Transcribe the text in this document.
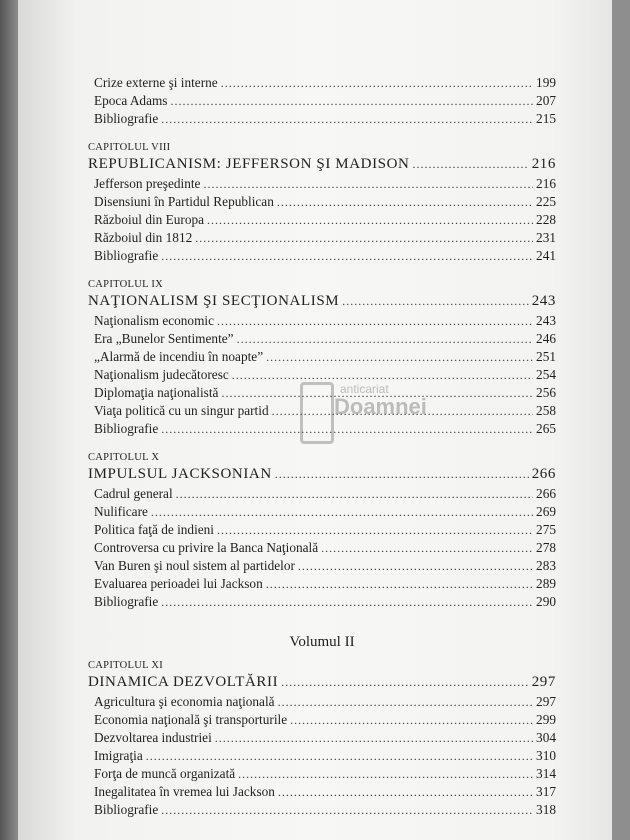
Crize externe şi interne .....	199
Epoca Adams .....	207
Bibliografie .....	215
CAPITOLUL VIII
REPUBLICANISM: JEFFERSON ŞI MADISON .....	216
Jefferson preşedinte .....	216
Disensiuni în Partidul Republican .....	225
Războiul din Europa .....	228
Războiul din 1812 .....	231
Bibliografie .....	241
CAPITOLUL IX
NAŢIONALISM ŞI SECŢIONALISM .....	243
Naţionalism economic .....	243
Era „Bunelor Sentimente” .....	246
„Alarmă de incendiu în noapte” .....	251
Naţionalism judecătoresc .....	254
Diplomaţia naţionalistă .....	256
Viaţa politică cu un singur partid .....	258
Bibliografie .....	265
CAPITOLUL X
IMPULSUL JACKSONIAN .....	266
Cadrul general .....	266
Nulificare .....	269
Politica faţă de indieni .....	275
Controversa cu privire la Banca Naţională .....	278
Van Buren şi noul sistem al partidelor .....	283
Evaluarea perioadei lui Jackson .....	289
Bibliografie .....	290
Volumul II
CAPITOLUL XI
DINAMICA DEZVOLTĂRII .....	297
Agricultura şi economia naţională .....	297
Economia naţională şi transporturile .....	299
Dezvoltarea industriei .....	304
Imigraţia .....	310
Forţa de muncă organizată .....	314
Inegalitatea în vremea lui Jackson .....	317
Bibliografie .....	318
anticariat
Doamnei
